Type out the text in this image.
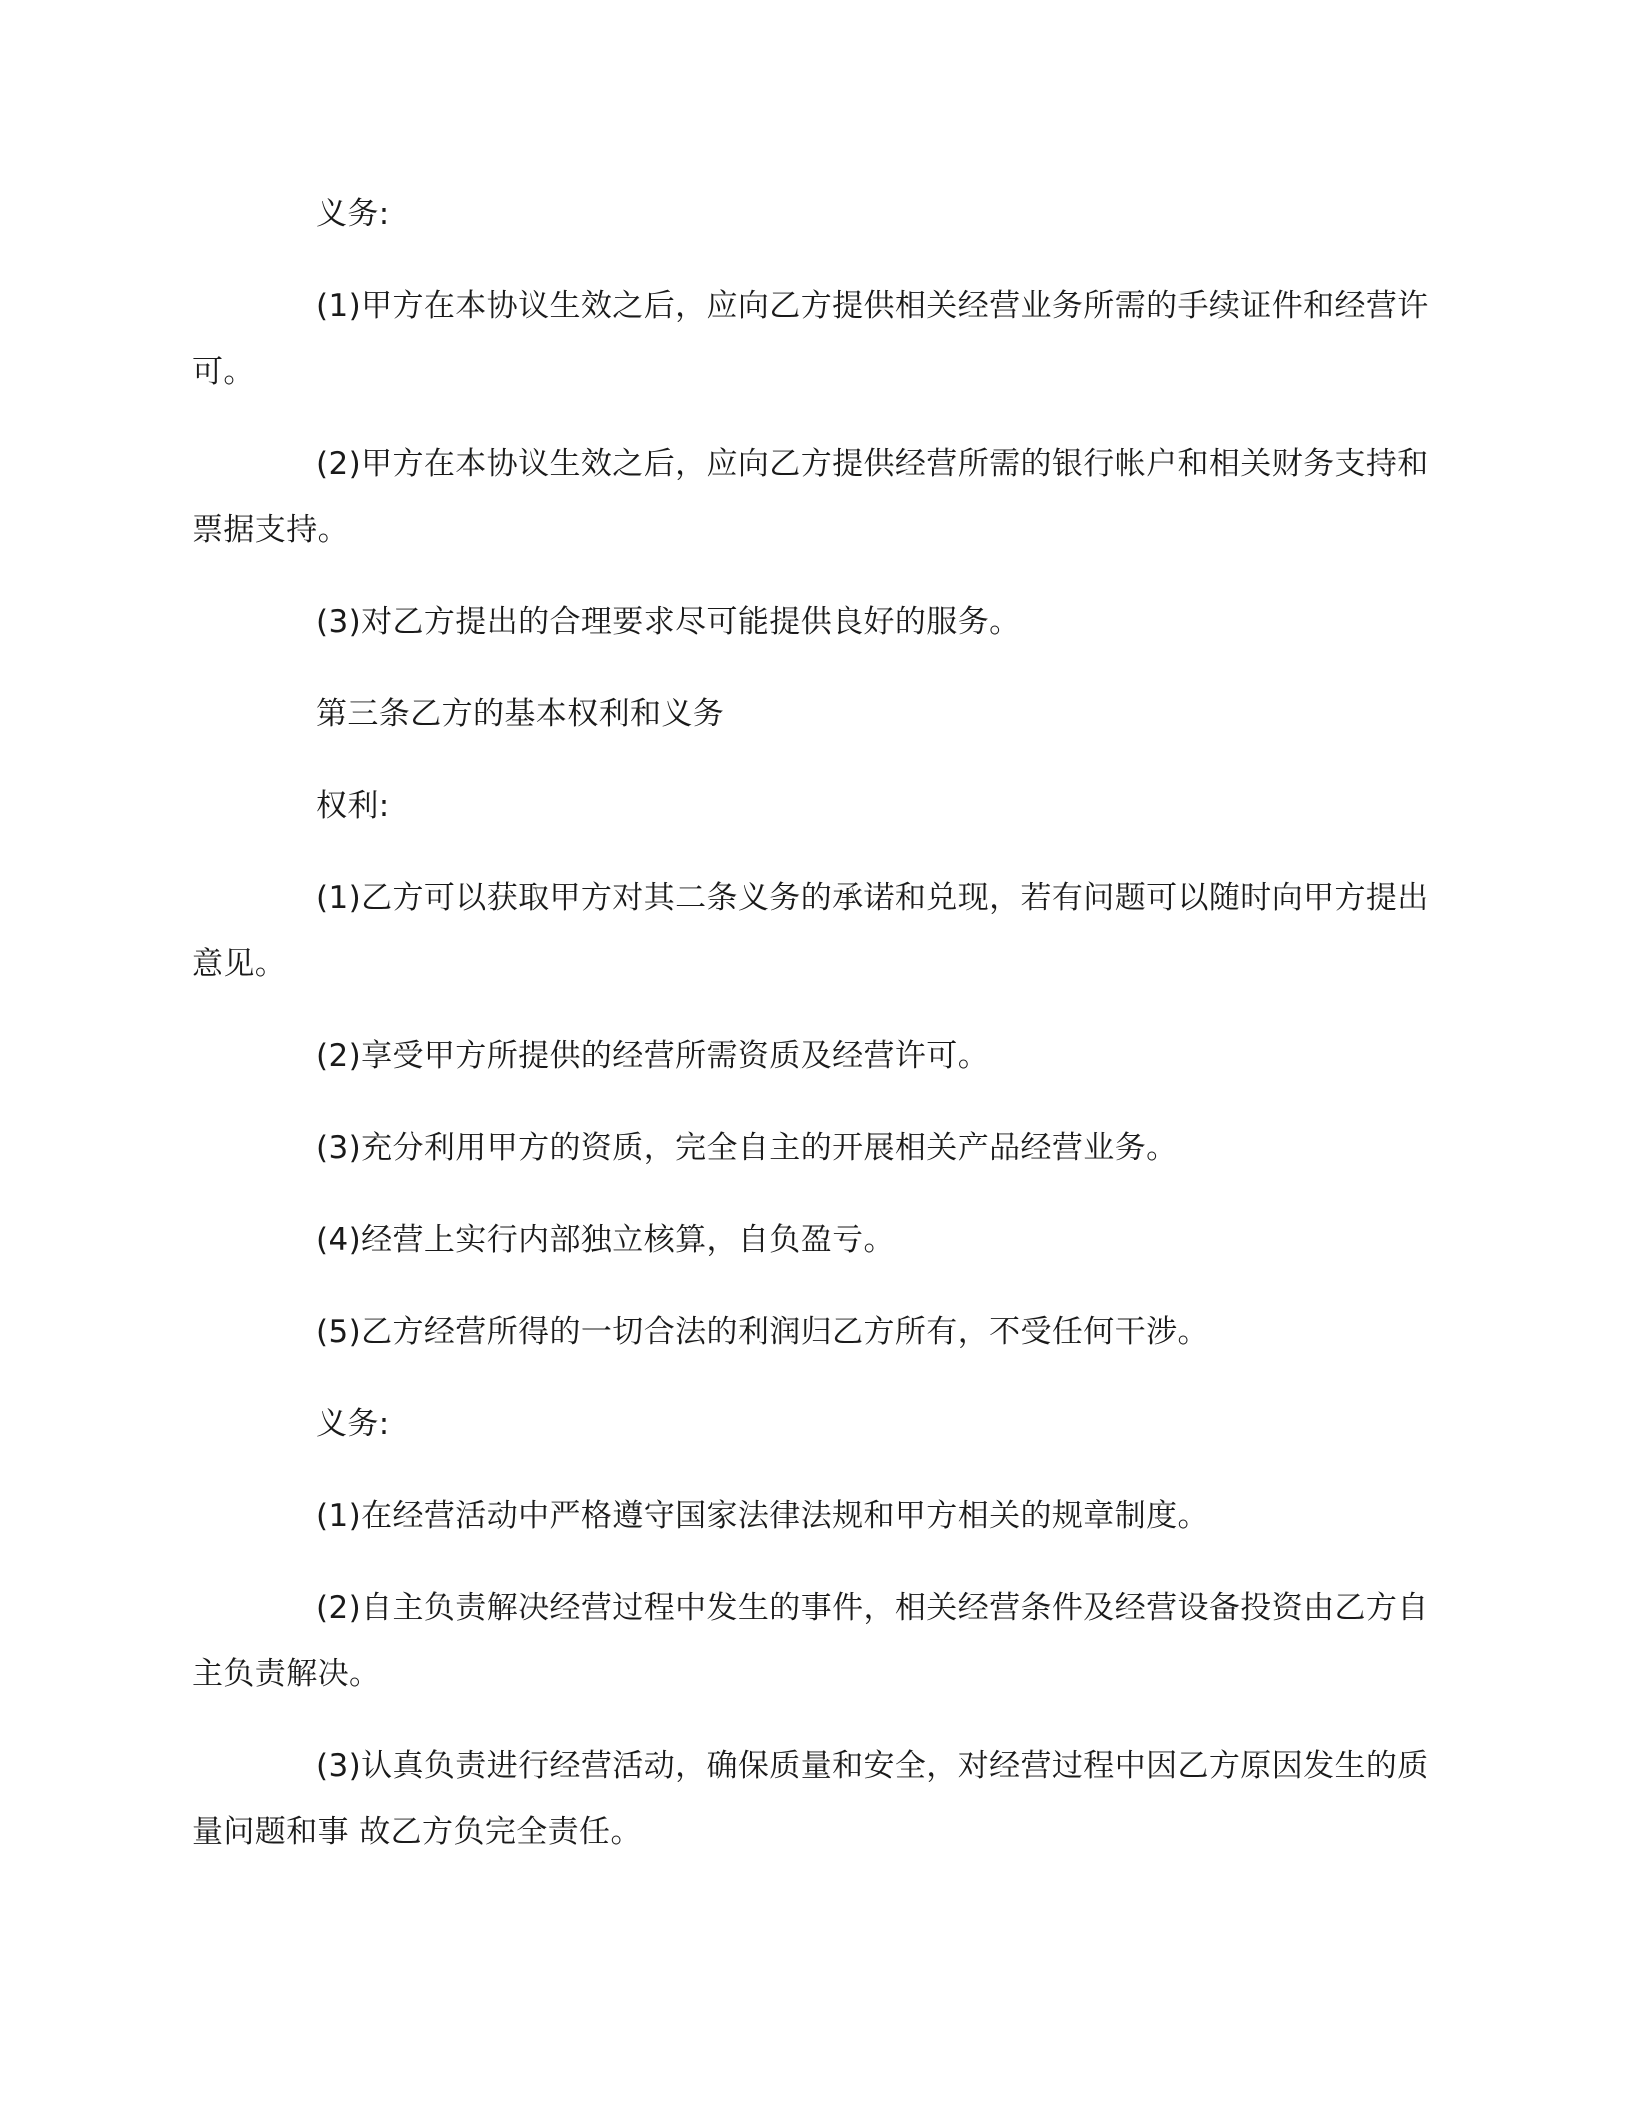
义务:

(1)甲方在本协议生效之后，应向乙方提供相关经营业务所需的手续证件和经营许可。

(2)甲方在本协议生效之后，应向乙方提供经营所需的银行帐户和相关财务支持和票据支持。

(3)对乙方提出的合理要求尽可能提供良好的服务。

第三条乙方的基本权利和义务

权利:

(1)乙方可以获取甲方对其二条义务的承诺和兑现，若有问题可以随时向甲方提出意见。

(2)享受甲方所提供的经营所需资质及经营许可。

(3)充分利用甲方的资质，完全自主的开展相关产品经营业务。

(4)经营上实行内部独立核算，自负盈亏。

(5)乙方经营所得的一切合法的利润归乙方所有，不受任何干涉。

义务:

(1)在经营活动中严格遵守国家法律法规和甲方相关的规章制度。

(2)自主负责解决经营过程中发生的事件，相关经营条件及经营设备投资由乙方自主负责解决。

(3)认真负责进行经营活动，确保质量和安全，对经营过程中因乙方原因发生的质量问题和事 故乙方负完全责任。
